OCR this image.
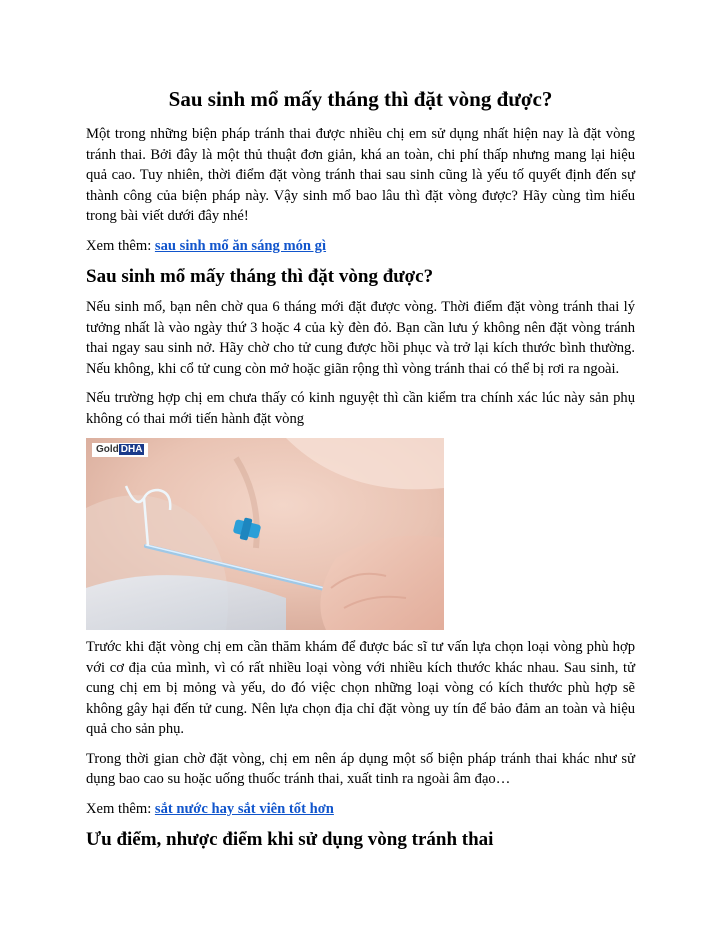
Sau sinh mổ mấy tháng thì đặt vòng được?

Một trong những biện pháp tránh thai được nhiều chị em sử dụng nhất hiện nay là đặt vòng tránh thai. Bởi đây là một thủ thuật đơn giản, khá an toàn, chi phí thấp nhưng mang lại hiệu quả cao. Tuy nhiên, thời điểm đặt vòng tránh thai sau sinh cũng là yếu tố quyết định đến sự thành công của biện pháp này. Vậy sinh mổ bao lâu thì đặt vòng được? Hãy cùng tìm hiểu trong bài viết dưới đây nhé!

Xem thêm: sau sinh mổ ăn sáng món gì

Sau sinh mổ mấy tháng thì đặt vòng được?

Nếu sinh mổ, bạn nên chờ qua 6 tháng mới đặt được vòng. Thời điểm đặt vòng tránh thai lý tưởng nhất là vào ngày thứ 3 hoặc 4 của kỳ đèn đỏ. Bạn cần lưu ý không nên đặt vòng tránh thai ngay sau sinh nở. Hãy chờ cho tử cung được hồi phục và trở lại kích thước bình thường. Nếu không, khi cổ tử cung còn mở hoặc giãn rộng thì vòng tránh thai có thể bị rơi ra ngoài.

Nếu trường hợp chị em chưa thấy có kinh nguyệt thì cần kiểm tra chính xác lúc này sản phụ không có thai mới tiến hành đặt vòng

Gold DHA

Trước khi đặt vòng chị em cần thăm khám để được bác sĩ tư vấn lựa chọn loại vòng phù hợp với cơ địa của mình, vì có rất nhiều loại vòng với nhiều kích thước khác nhau. Sau sinh, tử cung chị em bị mỏng và yếu, do đó việc chọn những loại vòng có kích thước phù hợp sẽ không gây hại đến tử cung. Nên lựa chọn địa chỉ đặt vòng uy tín để bảo đảm an toàn và hiệu quả cho sản phụ.

Trong thời gian chờ đặt vòng, chị em nên áp dụng một số biện pháp tránh thai khác như sử dụng bao cao su hoặc uống thuốc tránh thai, xuất tinh ra ngoài âm đạo…

Xem thêm: sắt nước hay sắt viên tốt hơn

Ưu điểm, nhược điểm khi sử dụng vòng tránh thai
